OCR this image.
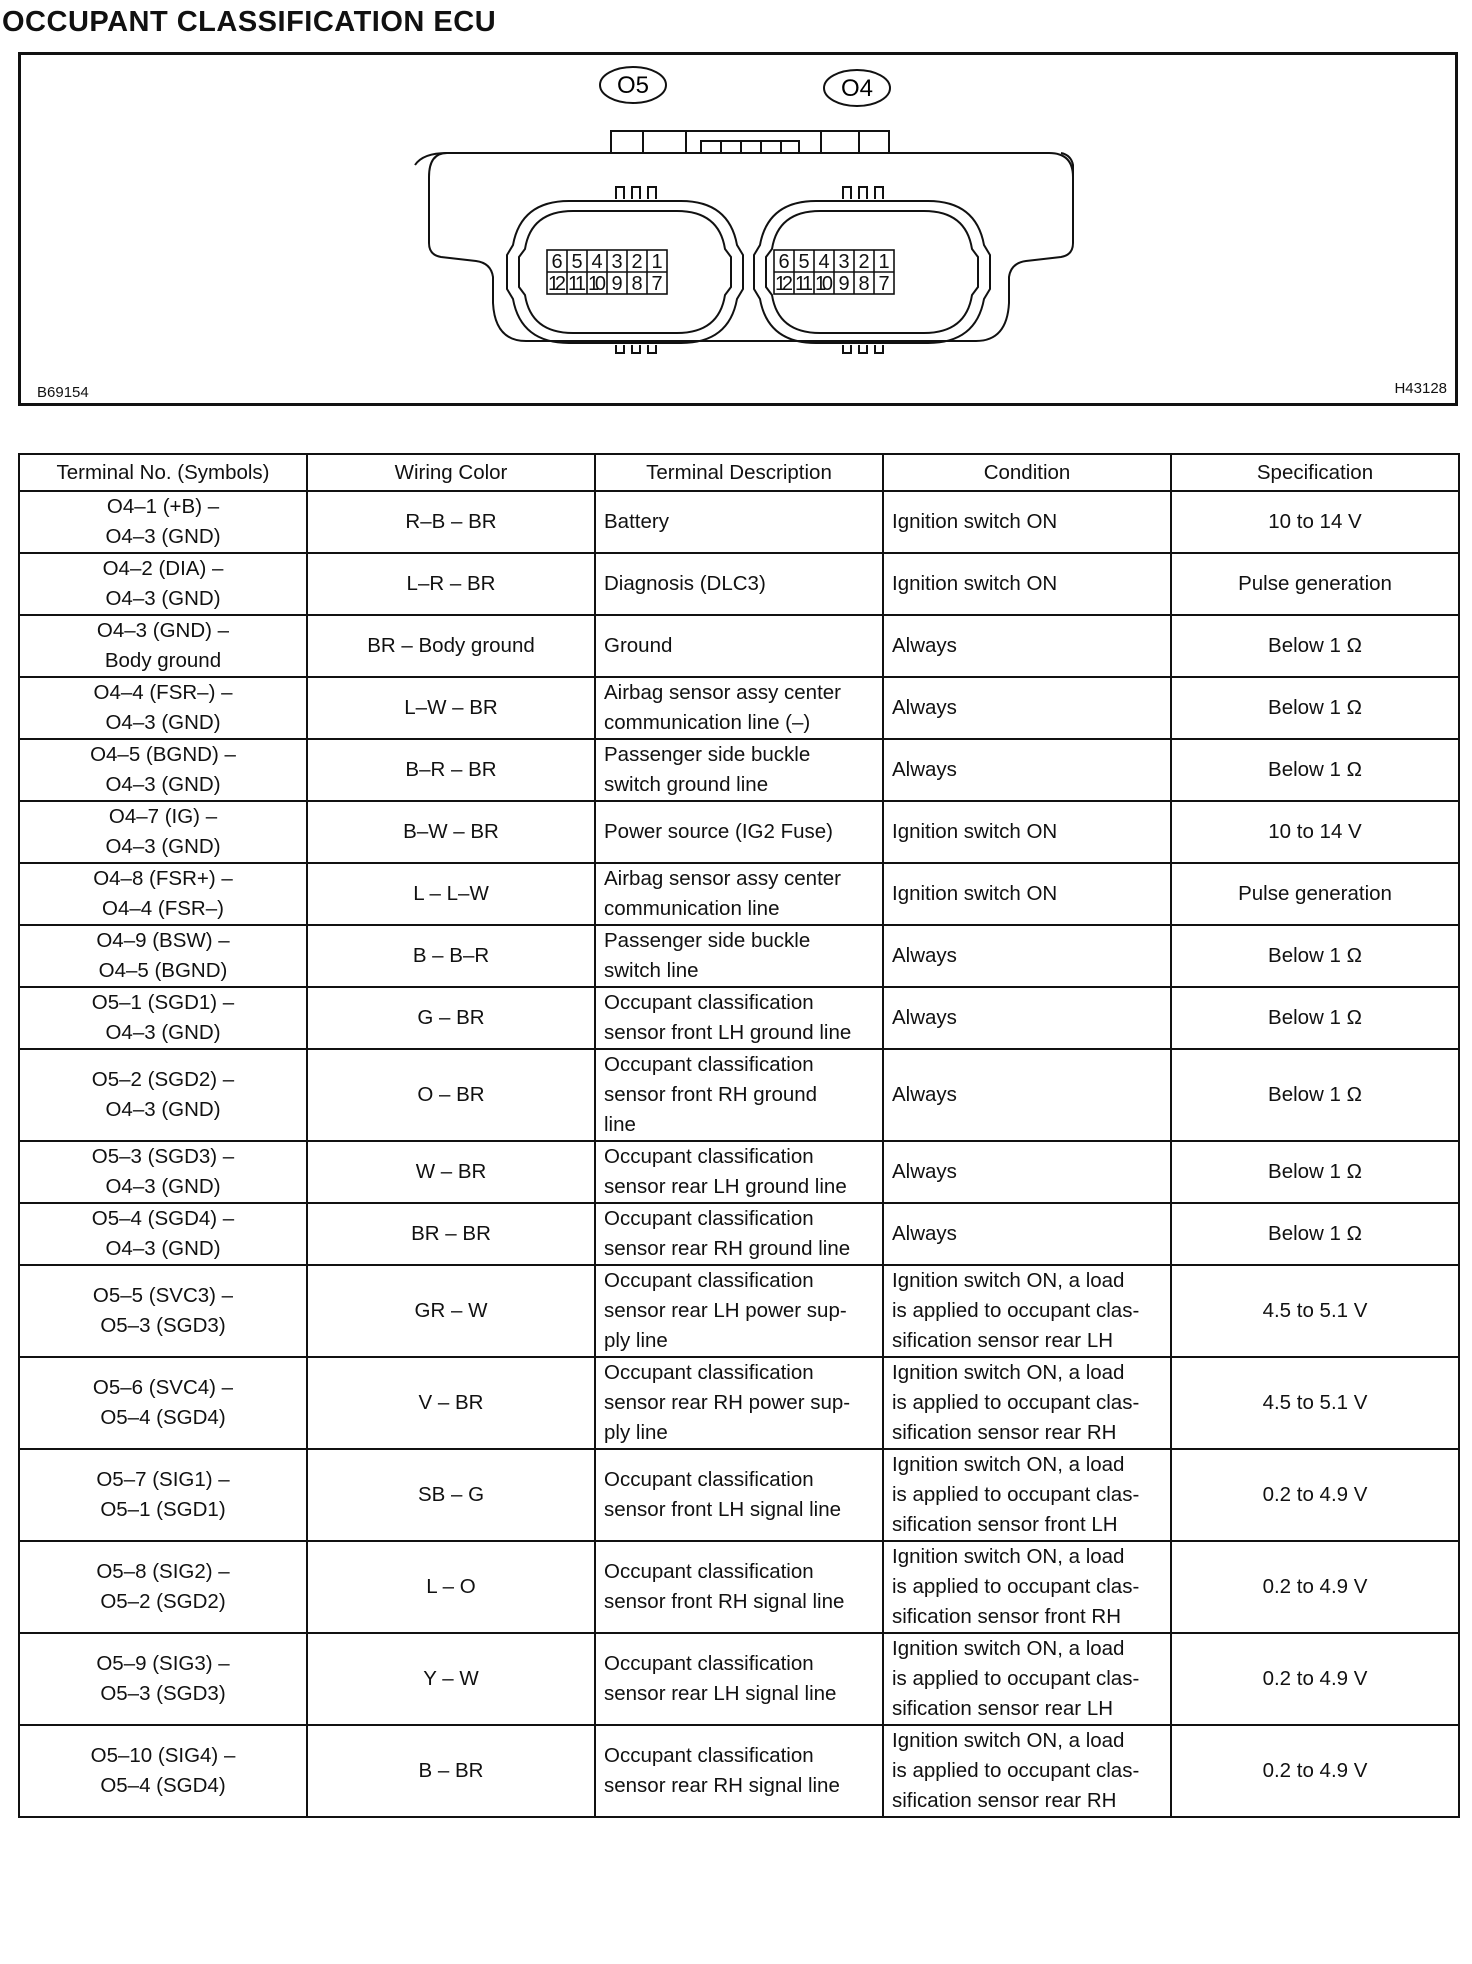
OCCUPANT CLASSIFICATION ECU
6 5 4 3 2 1
12 11 10 9 8 7
6 5 4 3 2 1
12 11 10 9 8 7
O5	O4
B69154	H43128
Terminal No. (Symbols)	Wiring Color	Terminal Description	Condition	Specification

O4–1 (+B) –
O4–3 (GND)	R–B – BR	Battery	Ignition switch ON	10 to 14 V

O4–2 (DIA) –
O4–3 (GND)	L–R – BR	Diagnosis (DLC3)	Ignition switch ON	Pulse generation

O4–3 (GND) –
Body ground	BR – Body ground	Ground	Always	Below 1 Ω

O4–4 (FSR–) –
O4–3 (GND)	L–W – BR	Airbag sensor assy center
communication line (–)	Always	Below 1 Ω

O4–5 (BGND) –
O4–3 (GND)	B–R – BR	Passenger side buckle
switch ground line	Always	Below 1 Ω

O4–7 (IG) –
O4–3 (GND)	B–W – BR	Power source (IG2 Fuse)	Ignition switch ON	10 to 14 V

O4–8 (FSR+) –
O4–4 (FSR–)	L – L–W	Airbag sensor assy center
communication line	Ignition switch ON	Pulse generation

O4–9 (BSW) –
O4–5 (BGND)	B – B–R	Passenger side buckle
switch line	Always	Below 1 Ω

O5–1 (SGD1) –
O4–3 (GND)	G – BR	Occupant classification
sensor front LH ground line	Always	Below 1 Ω

O5–2 (SGD2) –
O4–3 (GND)	O – BR	Occupant classification
sensor front RH ground
line	Always	Below 1 Ω

O5–3 (SGD3) –
O4–3 (GND)	W – BR	Occupant classification
sensor rear LH ground line	Always	Below 1 Ω

O5–4 (SGD4) –
O4–3 (GND)	BR – BR	Occupant classification
sensor rear RH ground line	Always	Below 1 Ω

O5–5 (SVC3) –
O5–3 (SGD3)	GR – W	Occupant classification
sensor rear LH power sup-
ply line	Ignition switch ON, a load
is applied to occupant clas-
sification sensor rear LH	4.5 to 5.1 V

O5–6 (SVC4) –
O5–4 (SGD4)	V – BR	Occupant classification
sensor rear RH power sup-
ply line	Ignition switch ON, a load
is applied to occupant clas-
sification sensor rear RH	4.5 to 5.1 V

O5–7 (SIG1) –
O5–1 (SGD1)	SB – G	Occupant classification
sensor front LH signal line	Ignition switch ON, a load
is applied to occupant clas-
sification sensor front LH	0.2 to 4.9 V

O5–8 (SIG2) –
O5–2 (SGD2)	L – O	Occupant classification
sensor front RH signal line	Ignition switch ON, a load
is applied to occupant clas-
sification sensor front RH	0.2 to 4.9 V

O5–9 (SIG3) –
O5–3 (SGD3)	Y – W	Occupant classification
sensor rear LH signal line	Ignition switch ON, a load
is applied to occupant clas-
sification sensor rear LH	0.2 to 4.9 V

O5–10 (SIG4) –
O5–4 (SGD4)	B – BR	Occupant classification
sensor rear RH signal line	Ignition switch ON, a load
is applied to occupant clas-
sification sensor rear RH	0.2 to 4.9 V
